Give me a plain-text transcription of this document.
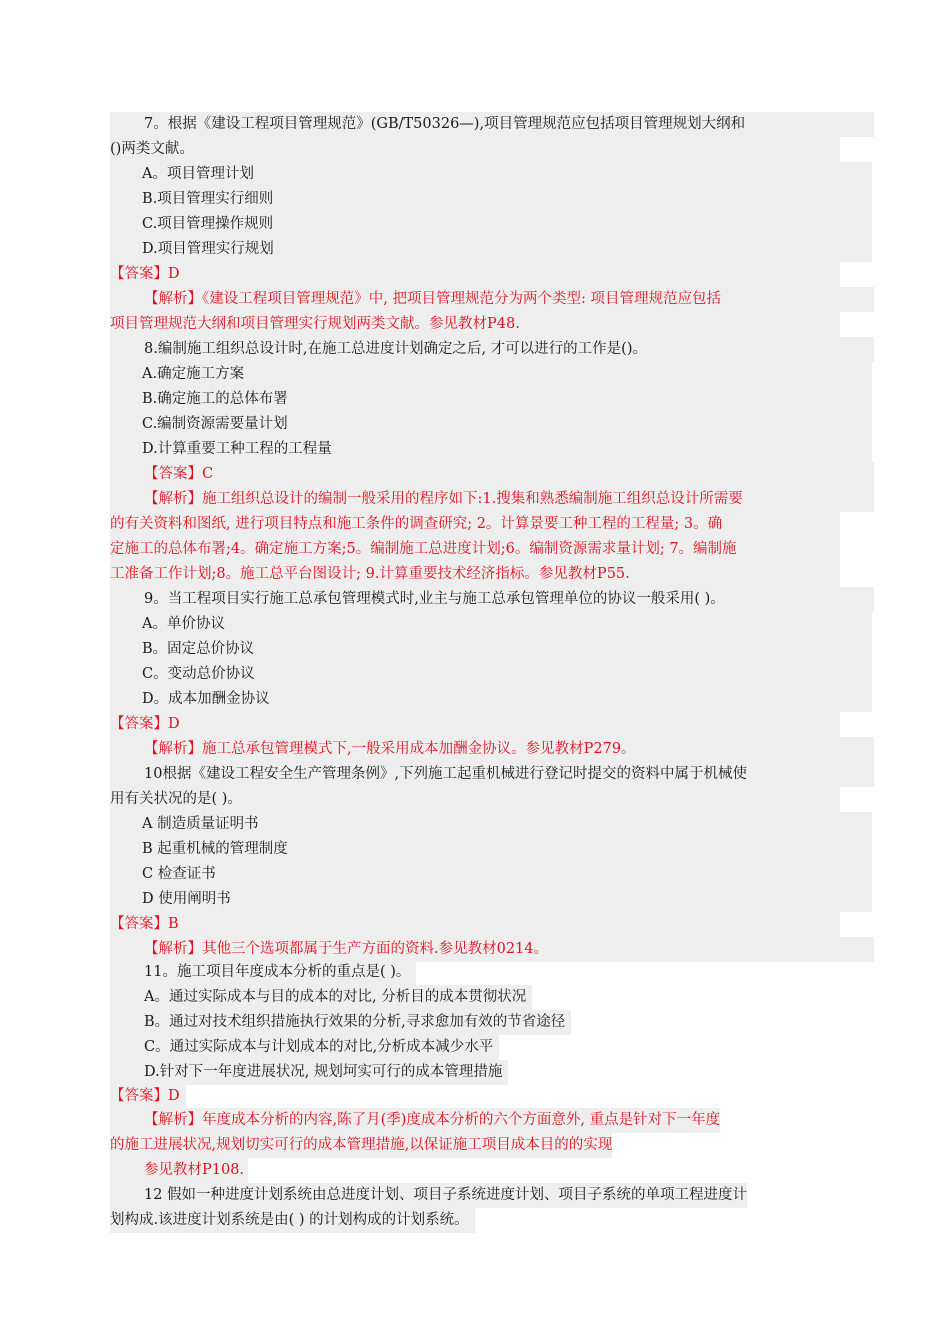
7。根据《建设工程项目管理规范》(GB/T50326—),项目管理规范应包括项目管理规划大纲和
()两类文献。
A。项目管理计划
B.项目管理实行细则
C.项目管理操作规则
D.项目管理实行规划
【答案】D
【解析】《建设工程项目管理规范》中, 把项目管理规范分为两个类型: 项目管理规范应包括
项目管理规范大纲和项目管理实行规划两类文献。参见教材P48.
8.编制施工组织总设计时,在施工总进度计划确定之后, 才可以进行的工作是()。
A.确定施工方案
B.确定施工的总体布署
C.编制资源需要量计划
D.计算重要工种工程的工程量
【答案】C
【解析】施工组织总设计的编制一般采用的程序如下:1.搜集和熟悉编制施工组织总设计所需要
的有关资料和图纸, 进行项目特点和施工条件的调查研究; 2。计算景要工种工程的工程量; 3。确
定施工的总体布署;4。确定施工方案;5。编制施工总进度计划;6。编制资源需求量计划; 7。编制施
工准备工作计划;8。施工总平台图设计; 9.计算重要技术经济指标。参见教材P55.
9。当工程项目实行施工总承包管理模式时,业主与施工总承包管理单位的协议一般采用( )。
A。单价协议
B。固定总价协议
C。变动总价协议
D。成本加酬金协议
【答案】D
【解析】施工总承包管理模式下,一般采用成本加酬金协议。参见教材P279。
10根据《建设工程安全生产管理条例》,下列施工起重机械进行登记时提交的资料中属于机械使
用有关状况的是( )。
A 制造质量证明书
B 起重机械的管理制度
C 检查证书
D 使用阐明书
【答案】B
【解析】其他三个选项都属于生产方面的资料.参见教材0214。
11。施工项目年度成本分析的重点是( )。
A。通过实际成本与目的成本的对比, 分析目的成本贯彻状况
B。通过对技术组织措施执行效果的分析,寻求愈加有效的节省途径
C。通过实际成本与计划成本的对比,分析成本减少水平
D.针对下一年度进展状况, 规划坷实可行的成本管理措施
【答案】D
【解析】年度成本分析的内容,陈了月(季)度成本分析的六个方面意外, 重点是针对下一年度
的施工进展状况,规划切实可行的成本管理措施,以保证施工项目成本目的的实现
参见教材P108.
12 假如一种进度计划系统由总进度计划、项目子系统进度计划、项目子系统的单项工程进度计
划构成.该进度计划系统是由( ) 的计划构成的计划系统。
